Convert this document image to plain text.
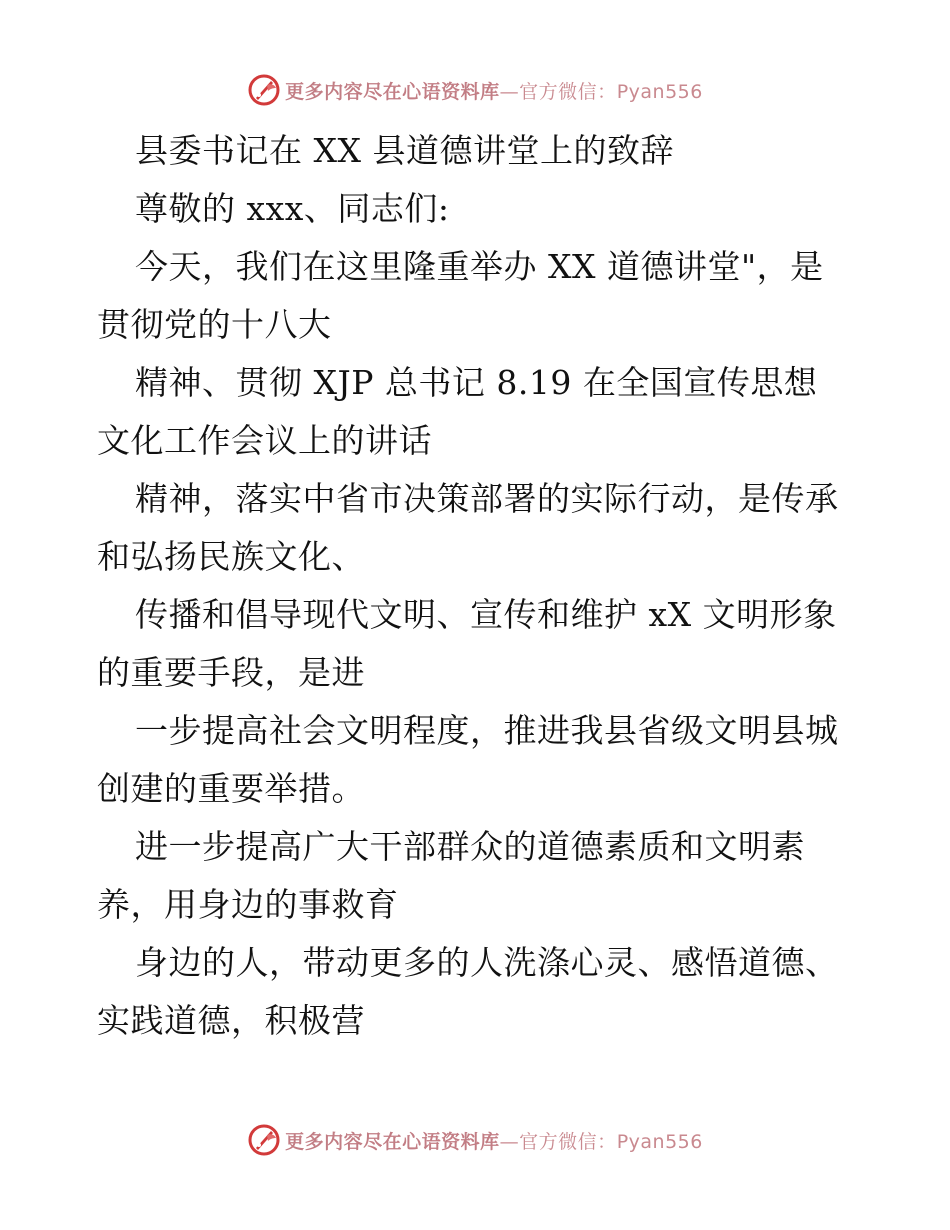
更多内容尽在心语资料库—官方微信：Pyan556
县委书记在 XX 县道德讲堂上的致辞
尊敬的 xxx、同志们:
今天，我们在这里隆重举办 XX 道德讲堂"，是
贯彻党的十八大
精神、贯彻 XJP 总书记 8.19 在全国宣传思想
文化工作会议上的讲话
精神，落实中省市决策部署的实际行动，是传承
和弘扬民族文化、
传播和倡导现代文明、宣传和维护 xX 文明形象
的重要手段，是进
一步提高社会文明程度，推进我县省级文明县城
创建的重要举措。
进一步提高广大干部群众的道德素质和文明素
养，用身边的事救育
身边的人，带动更多的人洗涤心灵、感悟道德、
实践道德，积极营
更多内容尽在心语资料库—官方微信：Pyan556
